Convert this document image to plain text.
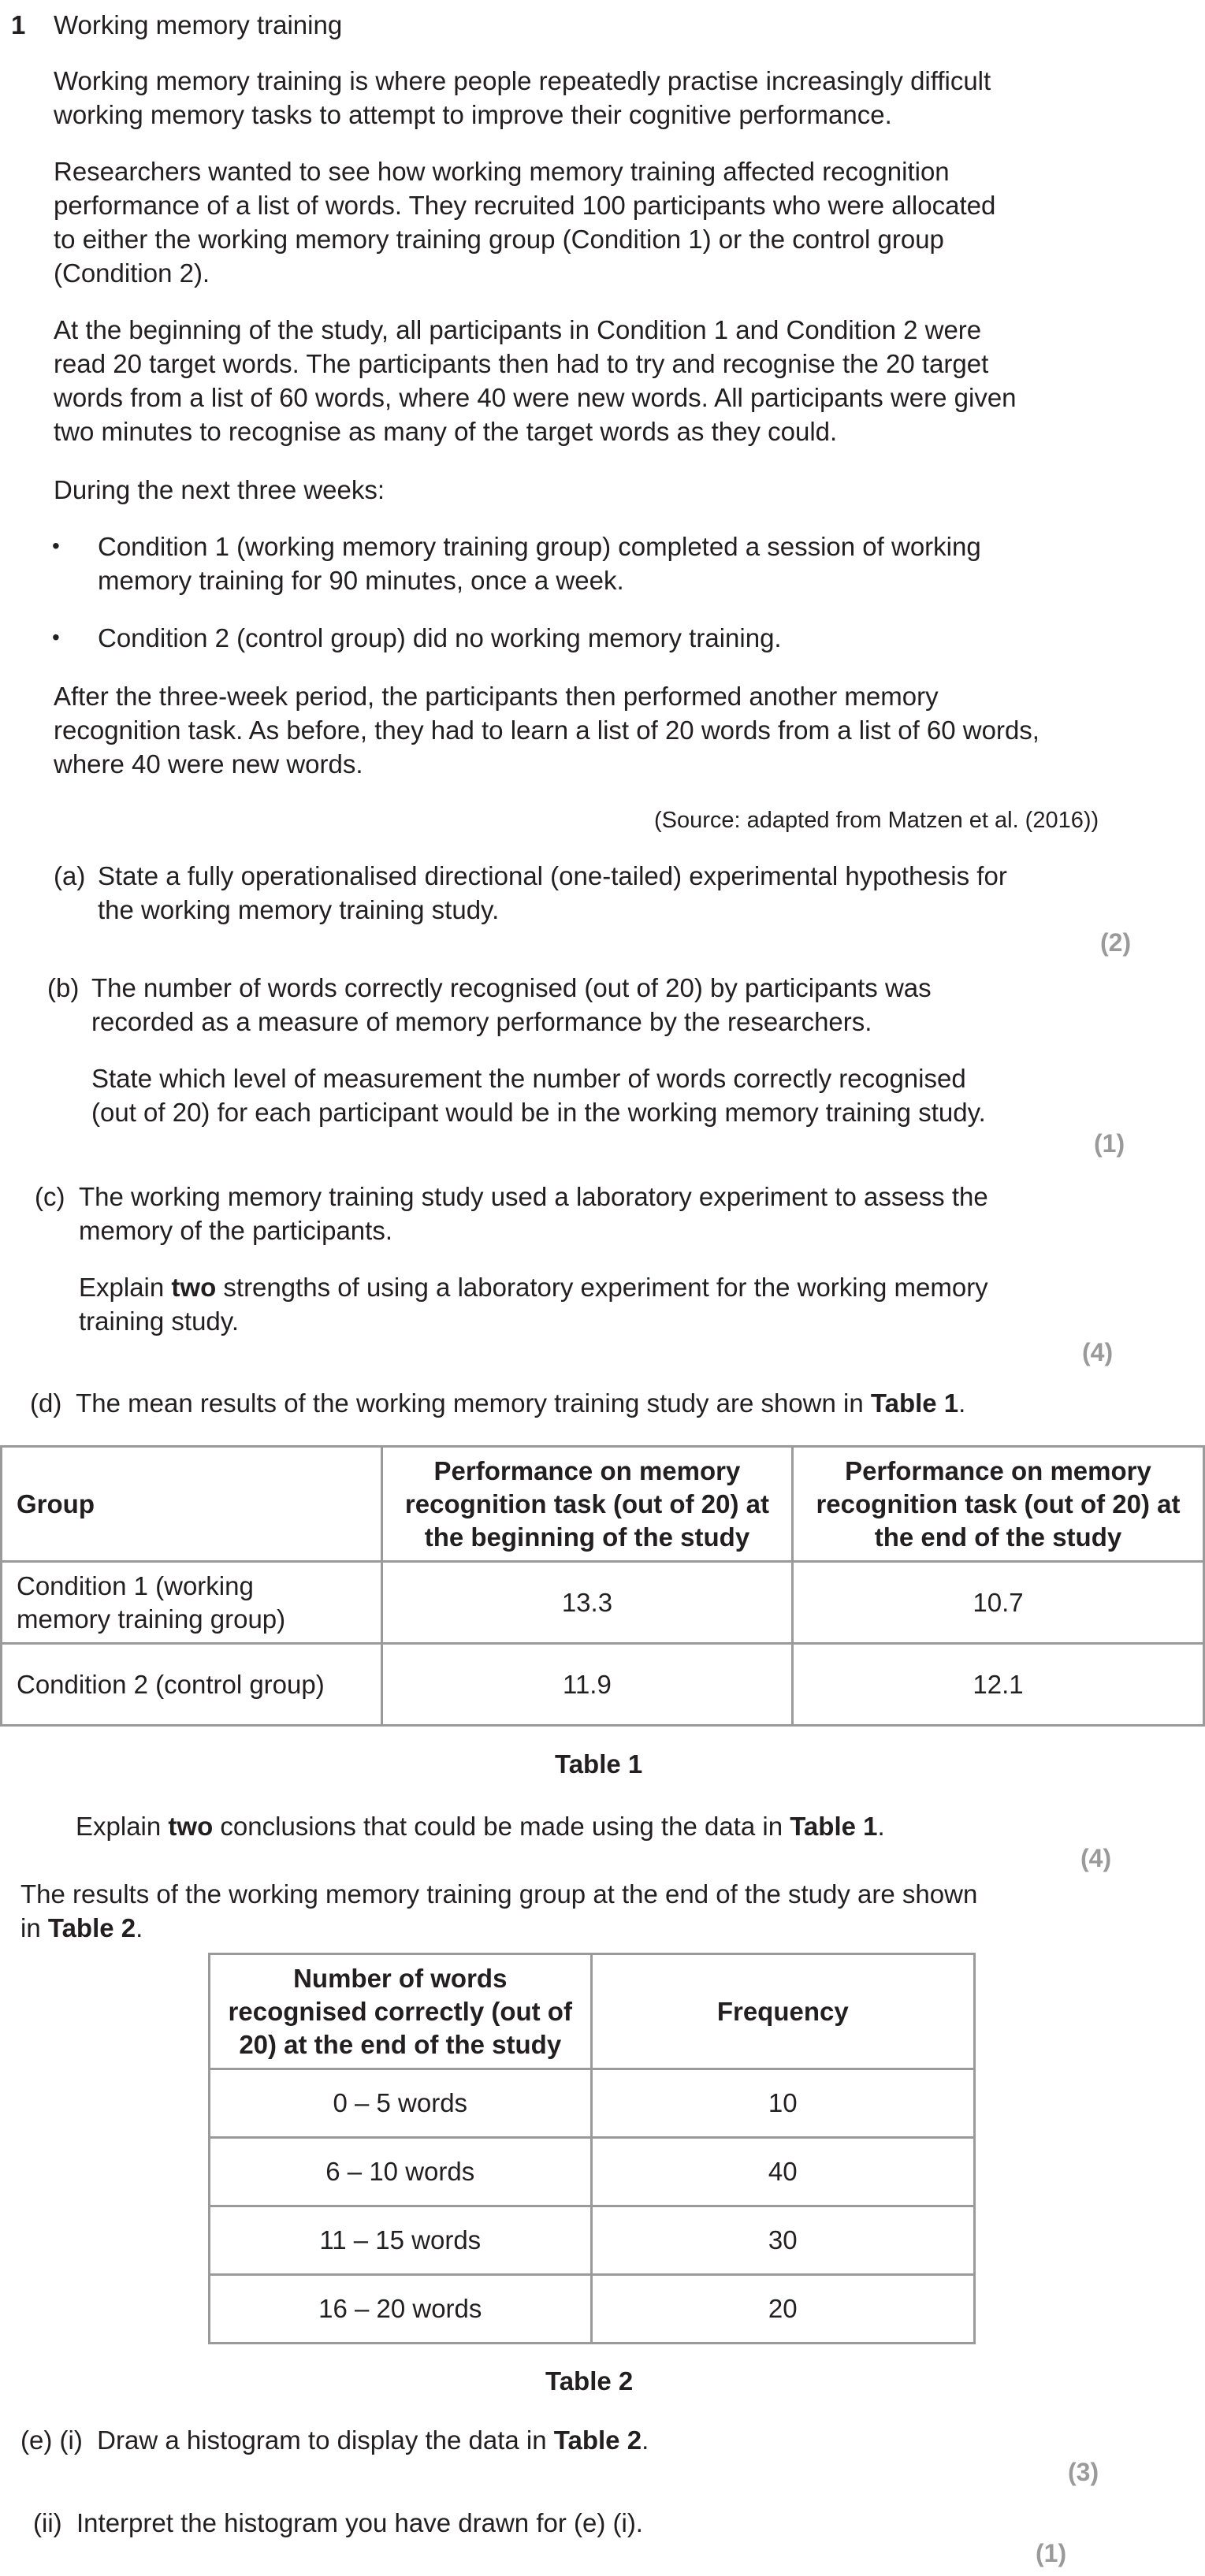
1 Working memory training
Working memory training is where people repeatedly practise increasingly difficult
working memory tasks to attempt to improve their cognitive performance.
Researchers wanted to see how working memory training affected recognition
performance of a list of words. They recruited 100 participants who were allocated
to either the working memory training group (Condition 1) or the control group
(Condition 2).
At the beginning of the study, all participants in Condition 1 and Condition 2 were
read 20 target words. The participants then had to try and recognise the 20 target
words from a list of 60 words, where 40 were new words. All participants were given
two minutes to recognise as many of the target words as they could.
During the next three weeks:
• Condition 1 (working memory training group) completed a session of working
memory training for 90 minutes, once a week.
• Condition 2 (control group) did no working memory training.
After the three-week period, the participants then performed another memory
recognition task. As before, they had to learn a list of 20 words from a list of 60 words,
where 40 were new words.
(Source: adapted from Matzen et al. (2016))
(a) State a fully operationalised directional (one-tailed) experimental hypothesis for
the working memory training study.
(2)
(b) The number of words correctly recognised (out of 20) by participants was
recorded as a measure of memory performance by the researchers.
State which level of measurement the number of words correctly recognised
(out of 20) for each participant would be in the working memory training study.
(1)
(c) The working memory training study used a laboratory experiment to assess the
memory of the participants.
Explain two strengths of using a laboratory experiment for the working memory
training study.
(4)
(d) The mean results of the working memory training study are shown in Table 1.
Group	Performance on memory
recognition task (out of 20) at
the beginning of the study	Performance on memory
recognition task (out of 20) at
the end of the study
Condition 1 (working
memory training group)	13.3	10.7
Condition 2 (control group)	11.9	12.1
Table 1
Explain two conclusions that could be made using the data in Table 1.
(4)
The results of the working memory training group at the end of the study are shown
in Table 2.
Number of words
recognised correctly (out of
20) at the end of the study	Frequency
0 – 5 words	10
6 – 10 words	40
11 – 15 words	30
16 – 20 words	20
Table 2
(e) (i) Draw a histogram to display the data in Table 2.
(3)
(ii) Interpret the histogram you have drawn for (e) (i).
(1)
